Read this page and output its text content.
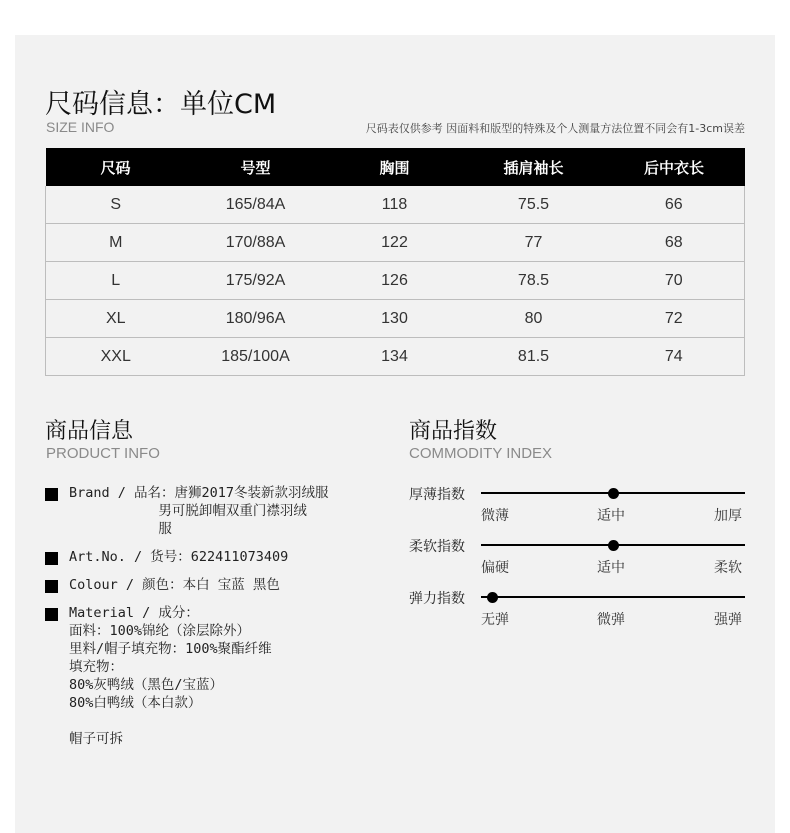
尺码信息：单位CM
SIZE INFO	尺码表仅供参考 因面料和版型的特殊及个人测量方法位置不同会有1-3cm误差
尺码	号型	胸围	插肩袖长	后中衣长
S	165/84A	118	75.5	66
M	170/88A	122	77	68
L	175/92A	126	78.5	70
XL	180/96A	130	80	72
XXL	185/100A	134	81.5	74
商品信息
PRODUCT INFO
Brand / 品名：唐狮2017冬装新款羽绒服
男可脱卸帽双重门襟羽绒
服
Art.No. / 货号：622411073409
Colour / 颜色：本白 宝蓝 黑色
Material / 成分：
面料：100%锦纶（涂层除外）
里料/帽子填充物：100%聚酯纤维
填充物：
80%灰鸭绒（黑色/宝蓝）
80%白鸭绒（本白款）

帽子可拆
商品指数
COMMODITY INDEX
厚薄指数
微薄	适中	加厚
柔软指数
偏硬	适中	柔软
弹力指数
无弹	微弹	强弹
